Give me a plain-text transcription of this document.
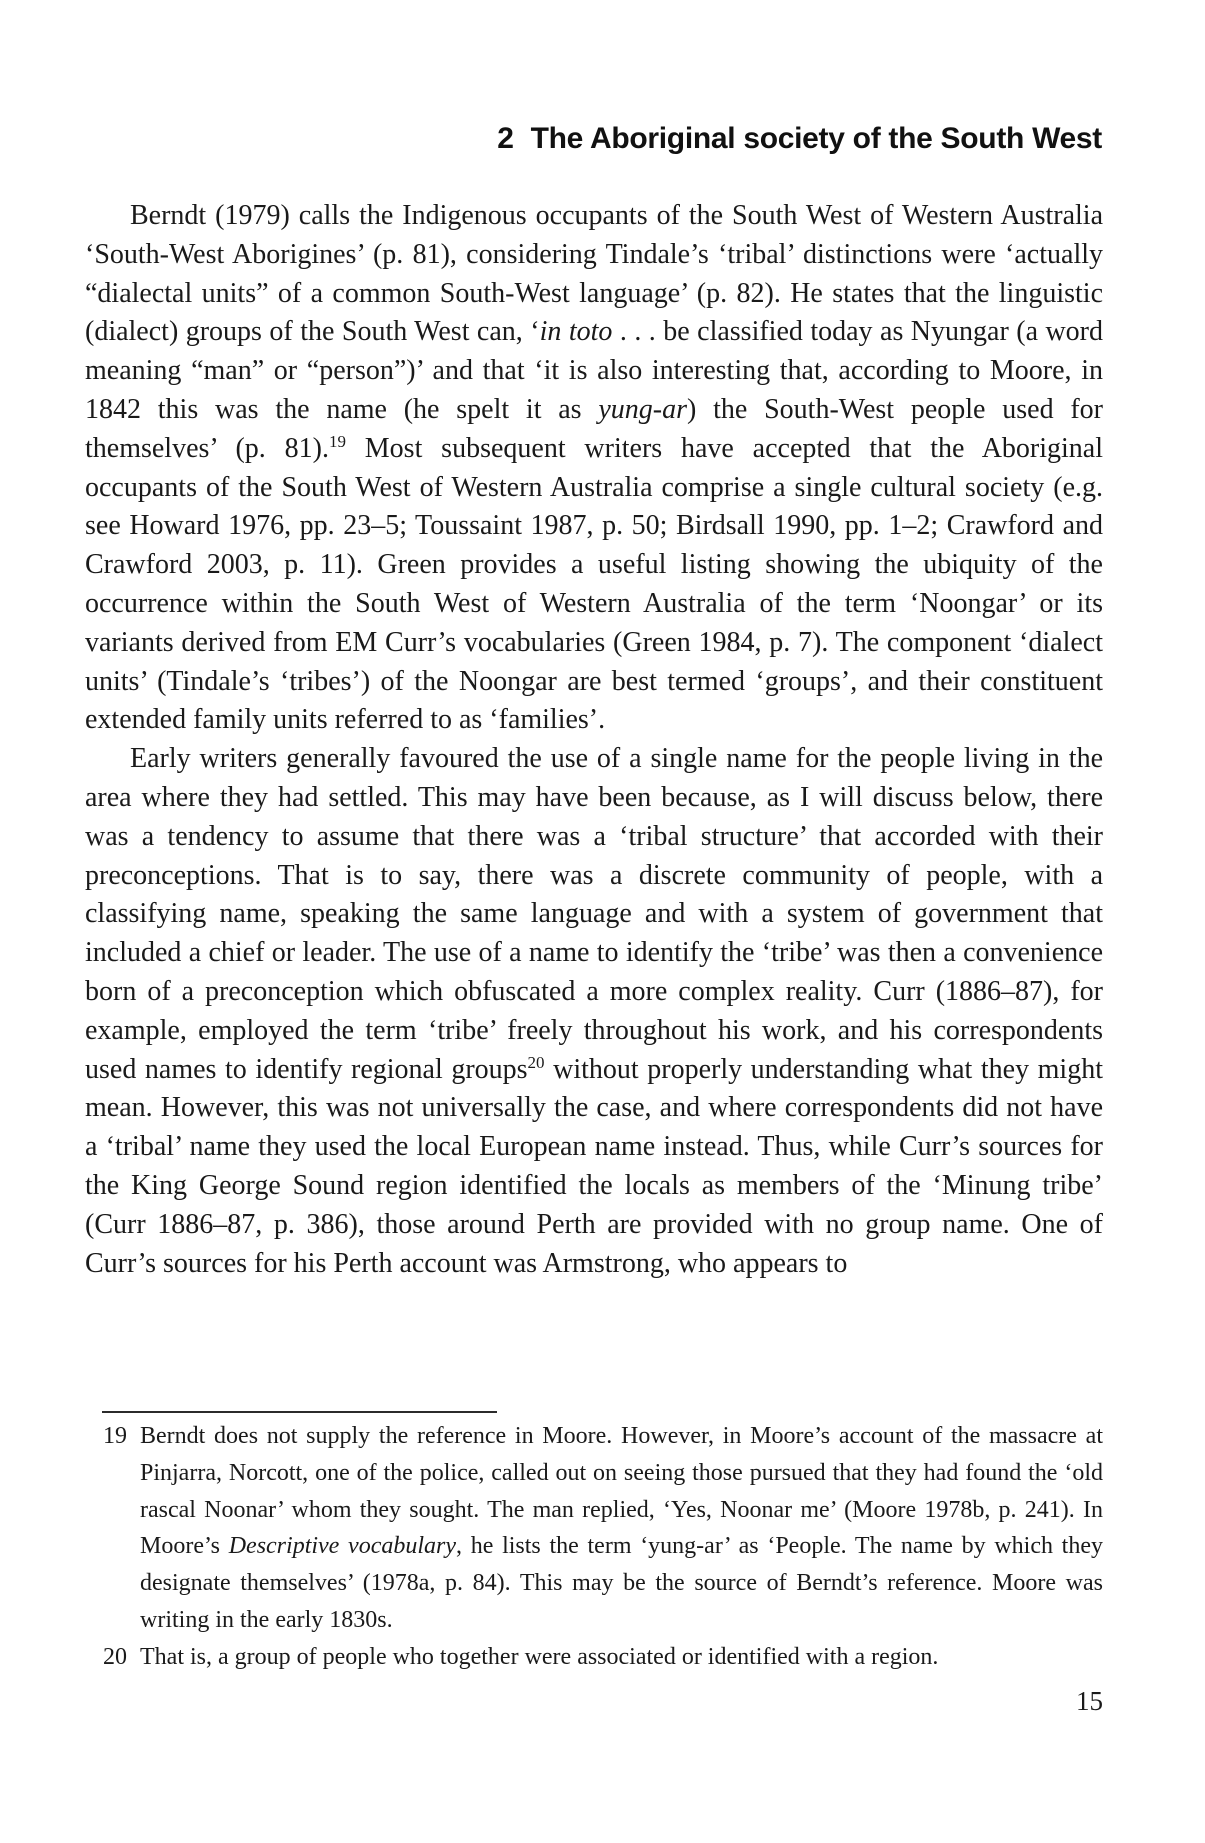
2 The Aboriginal society of the South West

Berndt (1979) calls the Indigenous occupants of the South West of Western Australia ‘South-West Aborigines’ (p. 81), considering Tindale’s ‘tribal’ distinctions were ‘actually “dialectal units” of a common South-West language’ (p. 82). He states that the linguistic (dialect) groups of the South West can, ‘in toto . . . be classified today as Nyungar (a word meaning “man” or “person”)’ and that ‘it is also interesting that, according to Moore, in 1842 this was the name (he spelt it as yung-ar) the South-West people used for themselves’ (p. 81).$^{19}$ Most subsequent writers have accepted that the Aboriginal occupants of the South West of Western Australia comprise a single cultural society (e.g. see Howard 1976, pp. 23–5; Toussaint 1987, p. 50; Birdsall 1990, pp. 1–2; Crawford and Crawford 2003, p. 11). Green provides a useful listing showing the ubiquity of the occurrence within the South West of Western Australia of the term ‘Noongar’ or its variants derived from EM Curr’s vocabularies (Green 1984, p. 7). The component ‘dialect units’ (Tindale’s ‘tribes’) of the Noongar are best termed ‘groups’, and their constituent extended family units referred to as ‘families’.

Early writers generally favoured the use of a single name for the people living in the area where they had settled. This may have been because, as I will discuss below, there was a tendency to assume that there was a ‘tribal structure’ that accorded with their preconceptions. That is to say, there was a discrete community of people, with a classifying name, speaking the same language and with a system of government that included a chief or leader. The use of a name to identify the ‘tribe’ was then a convenience born of a preconception which obfuscated a more complex reality. Curr (1886–87), for example, employed the term ‘tribe’ freely throughout his work, and his correspondents used names to identify regional groups$^{20}$ without properly understanding what they might mean. However, this was not universally the case, and where correspondents did not have a ‘tribal’ name they used the local European name instead. Thus, while Curr’s sources for the King George Sound region identified the locals as members of the ‘Minung tribe’ (Curr 1886–87, p. 386), those around Perth are provided with no group name. One of Curr’s sources for his Perth account was Armstrong, who appears to

19 Berndt does not supply the reference in Moore. However, in Moore’s account of the massacre at Pinjarra, Norcott, one of the police, called out on seeing those pursued that they had found the ‘old rascal Noonar’ whom they sought. The man replied, ‘Yes, Noonar me’ (Moore 1978b, p. 241). In Moore’s Descriptive vocabulary, he lists the term ‘yung-ar’ as ‘People. The name by which they designate themselves’ (1978a, p. 84). This may be the source of Berndt’s reference. Moore was writing in the early 1830s.
20 That is, a group of people who together were associated or identified with a region.
15
